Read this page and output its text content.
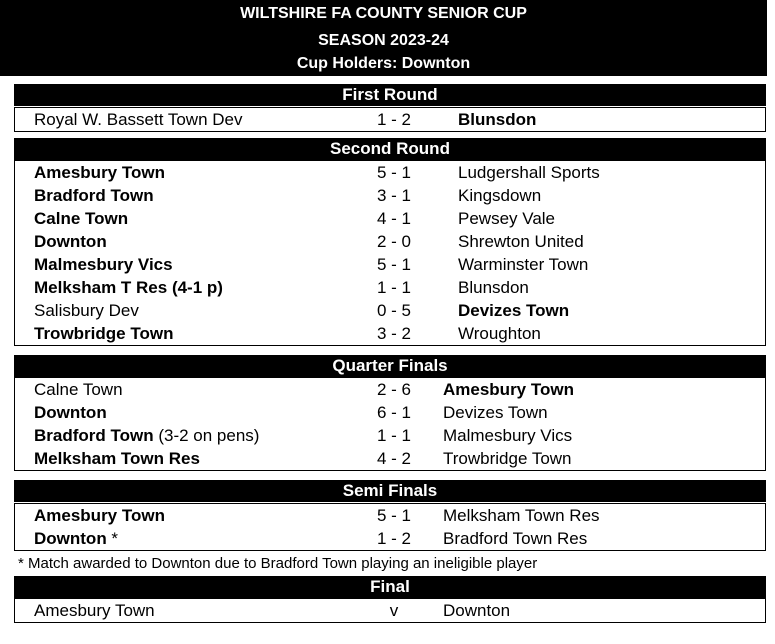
WILTSHIRE FA COUNTY SENIOR CUP
SEASON 2023-24
Cup Holders: Downton
First Round
Royal W. Bassett Town Dev	1 - 2	Blunsdon
Second Round
Amesbury Town	5 - 1	Ludgershall Sports
Bradford Town	3 - 1	Kingsdown
Calne Town	4 - 1	Pewsey Vale
Downton	2 - 0	Shrewton United
Malmesbury Vics	5 - 1	Warminster Town
Melksham T Res (4-1 p)	1 - 1	Blunsdon
Salisbury Dev	0 - 5	Devizes Town
Trowbridge Town	3 - 2	Wroughton
Quarter Finals
Calne Town	2 - 6	Amesbury Town
Downton	6 - 1	Devizes Town
Bradford Town (3-2 on pens)	1 - 1	Malmesbury Vics
Melksham Town Res	4 - 2	Trowbridge Town
Semi Finals
Amesbury Town	5 - 1	Melksham Town Res
Downton *	1 - 2	Bradford Town Res
* Match awarded to Downton due to Bradford Town playing an ineligible player
Final
Amesbury Town	v	Downton
